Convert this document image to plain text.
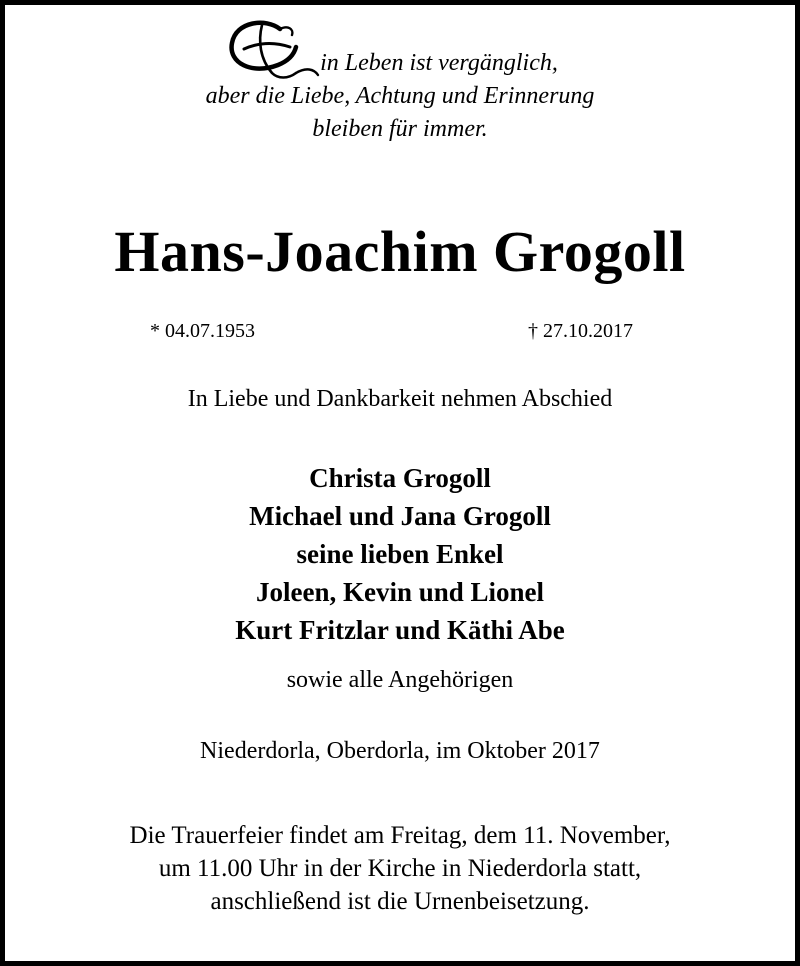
in Leben ist vergänglich,
aber die Liebe, Achtung und Erinnerung
bleiben für immer.
Hans-Joachim Grogoll
* 04.07.1953	† 27.10.2017
In Liebe und Dankbarkeit nehmen Abschied
Christa Grogoll
Michael und Jana Grogoll
seine lieben Enkel
Joleen, Kevin und Lionel
Kurt Fritzlar und Käthi Abe
sowie alle Angehörigen
Niederdorla, Oberdorla, im Oktober 2017
Die Trauerfeier findet am Freitag, dem 11. November,
um 11.00 Uhr in der Kirche in Niederdorla statt,
anschließend ist die Urnenbeisetzung.
